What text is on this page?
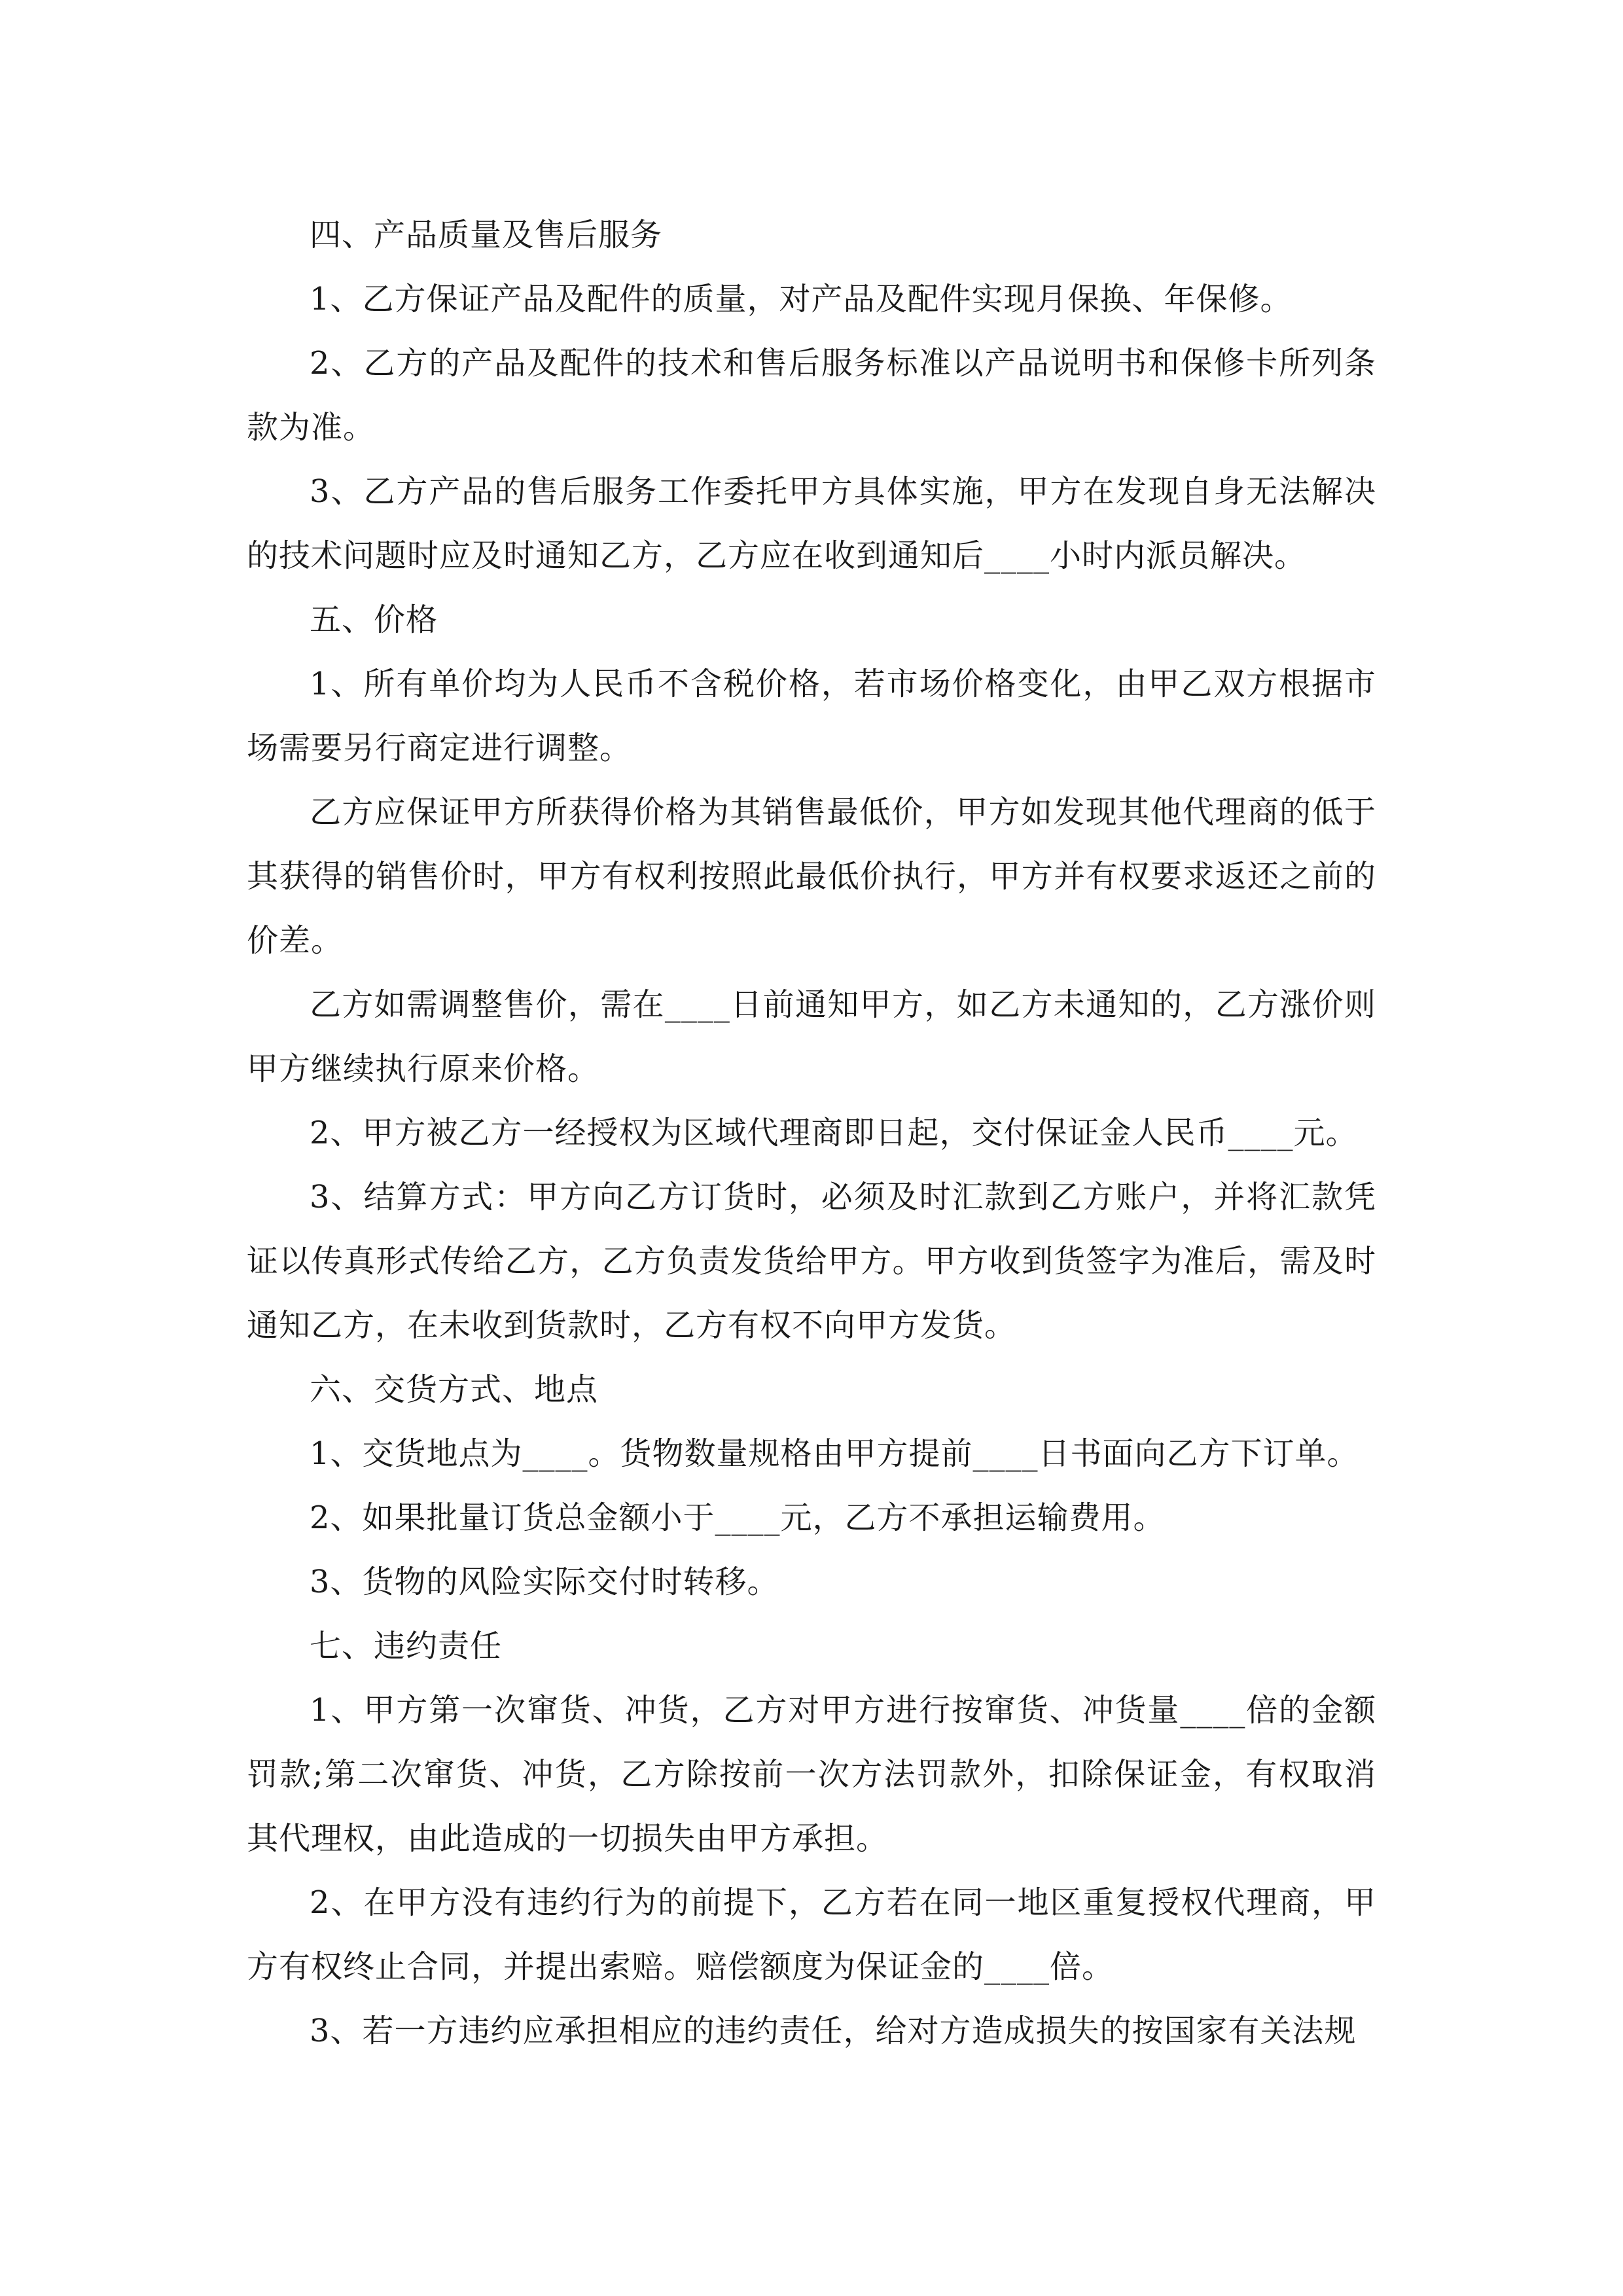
四、产品质量及售后服务

1、乙方保证产品及配件的质量，对产品及配件实现月保换、年保修。

2、乙方的产品及配件的技术和售后服务标准以产品说明书和保修卡所列条款为准。

3、乙方产品的售后服务工作委托甲方具体实施，甲方在发现自身无法解决的技术问题时应及时通知乙方，乙方应在收到通知后____小时内派员解决。

五、价格

1、所有单价均为人民币不含税价格，若市场价格变化，由甲乙双方根据市场需要另行商定进行调整。

乙方应保证甲方所获得价格为其销售最低价，甲方如发现其他代理商的低于其获得的销售价时，甲方有权利按照此最低价执行，甲方并有权要求返还之前的价差。

乙方如需调整售价，需在____日前通知甲方，如乙方未通知的，乙方涨价则甲方继续执行原来价格。

2、甲方被乙方一经授权为区域代理商即日起，交付保证金人民币____元。

3、结算方式：甲方向乙方订货时，必须及时汇款到乙方账户，并将汇款凭证以传真形式传给乙方，乙方负责发货给甲方。甲方收到货签字为准后，需及时通知乙方，在未收到货款时，乙方有权不向甲方发货。

六、交货方式、地点

1、交货地点为____。货物数量规格由甲方提前____日书面向乙方下订单。

2、如果批量订货总金额小于____元，乙方不承担运输费用。

3、货物的风险实际交付时转移。

七、违约责任

1、甲方第一次窜货、冲货，乙方对甲方进行按窜货、冲货量____倍的金额罚款;第二次窜货、冲货，乙方除按前一次方法罚款外，扣除保证金，有权取消其代理权，由此造成的一切损失由甲方承担。

2、在甲方没有违约行为的前提下，乙方若在同一地区重复授权代理商，甲方有权终止合同，并提出索赔。赔偿额度为保证金的____倍。

3、若一方违约应承担相应的违约责任，给对方造成损失的按国家有关法规
